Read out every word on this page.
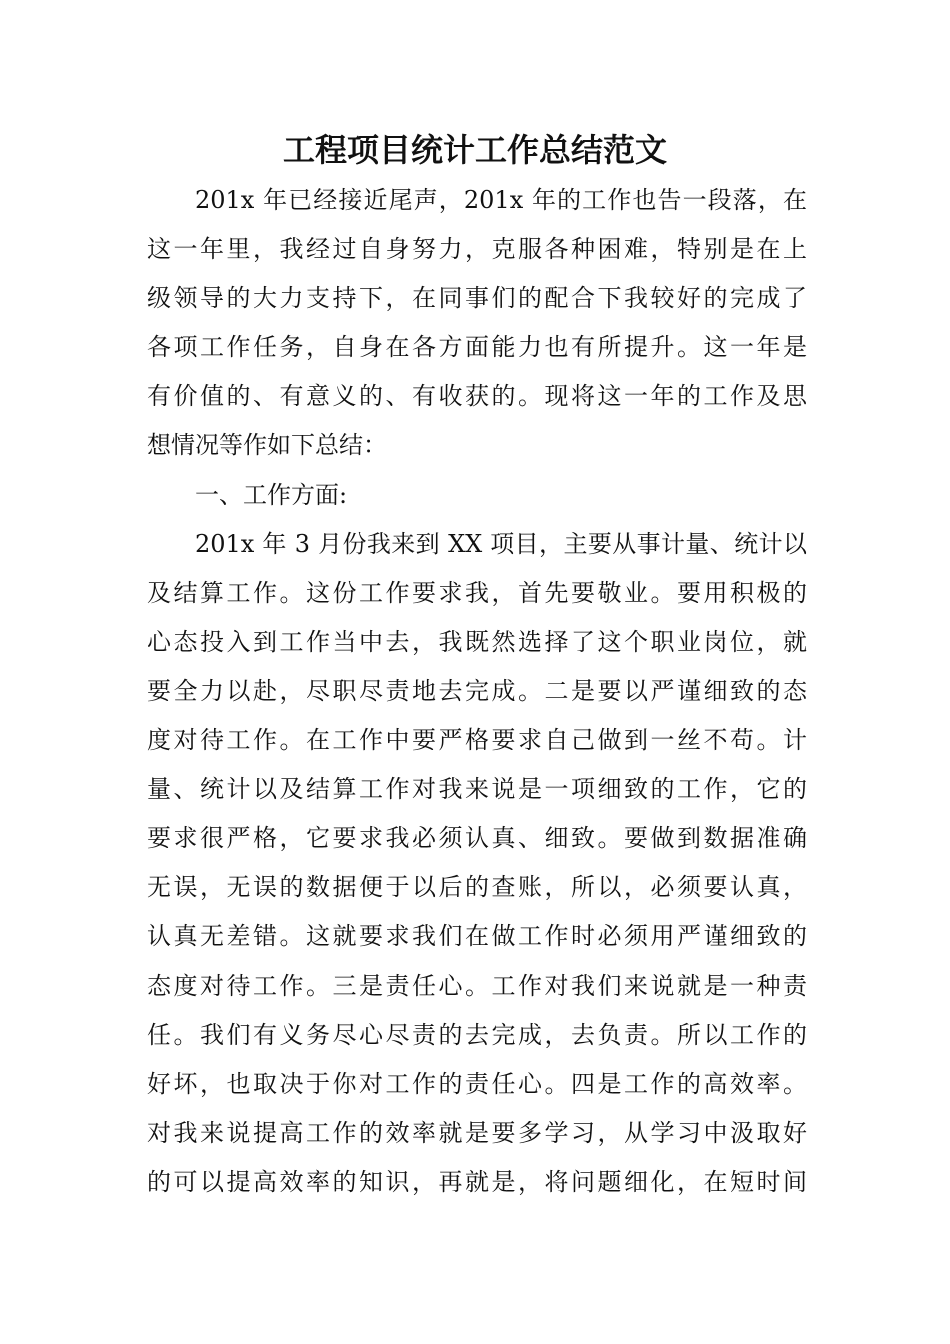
工程项目统计工作总结范文
201x 年已经接近尾声，201x 年的工作也告一段落，在
这一年里，我经过自身努力，克服各种困难，特别是在上
级领导的大力支持下，在同事们的配合下我较好的完成了
各项工作任务，自身在各方面能力也有所提升。这一年是
有价值的、有意义的、有收获的。现将这一年的工作及思
想情况等作如下总结：
一、工作方面:
201x 年 3 月份我来到 XX 项目，主要从事计量、统计以
及结算工作。这份工作要求我，首先要敬业。要用积极的
心态投入到工作当中去，我既然选择了这个职业岗位，就
要全力以赴，尽职尽责地去完成。二是要以严谨细致的态
度对待工作。在工作中要严格要求自己做到一丝不苟。计
量、统计以及结算工作对我来说是一项细致的工作，它的
要求很严格，它要求我必须认真、细致。要做到数据准确
无误，无误的数据便于以后的查账，所以，必须要认真，
认真无差错。这就要求我们在做工作时必须用严谨细致的
态度对待工作。三是责任心。工作对我们来说就是一种责
任。我们有义务尽心尽责的去完成，去负责。所以工作的
好坏，也取决于你对工作的责任心。四是工作的高效率。
对我来说提高工作的效率就是要多学习，从学习中汲取好
的可以提高效率的知识，再就是，将问题细化，在短时间
